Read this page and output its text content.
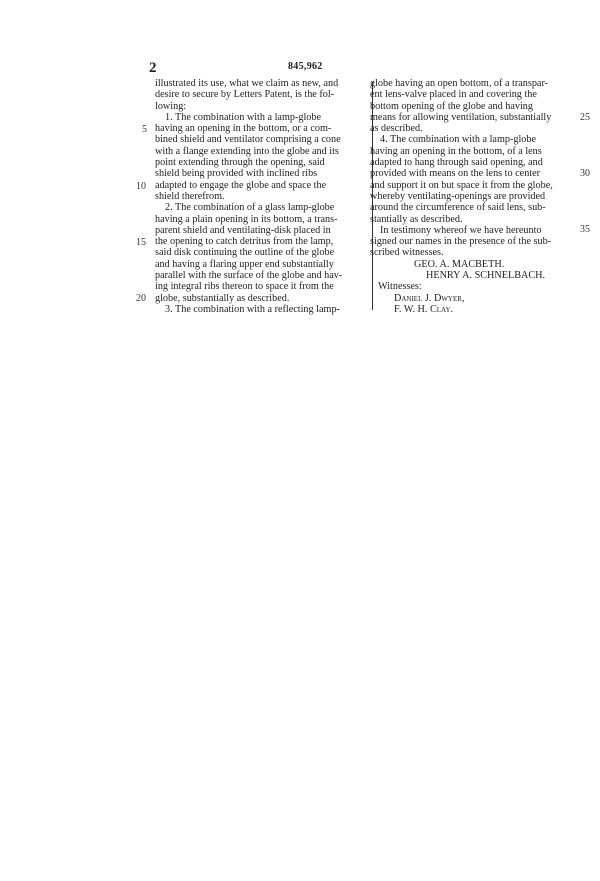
2	845,962
illustrated its use, what we claim as new, and
desire to secure by Letters Patent, is the fol-
lowing:
1. The combination with a lamp-globe
having an opening in the bottom, or a com-
bined shield and ventilator comprising a cone
with a flange extending into the globe and its
point extending through the opening, said
shield being provided with inclined ribs
adapted to engage the globe and space the
shield therefrom.
2. The combination of a glass lamp-globe
having a plain opening in its bottom, a trans-
parent shield and ventilating-disk placed in
the opening to catch detritus from the lamp,
said disk continuing the outline of the globe
and having a flaring upper end substantially
parallel with the surface of the globe and hav-
ing integral ribs thereon to space it from the
globe, substantially as described.
3. The combination with a reflecting lamp-
5
10
15
20
globe having an open bottom, of a transpar-
ent lens-valve placed in and covering the
bottom opening of the globe and having
means for allowing ventilation, substantially
as described.
4. The combination with a lamp-globe
having an opening in the bottom, of a lens
adapted to hang through said opening, and
provided with means on the lens to center
and support it on but space it from the globe,
whereby ventilating-openings are provided
around the circumference of said lens, sub-
stantially as described.
In testimony whereof we have hereunto
signed our names in the presence of the sub-
scribed witnesses.
GEO. A. MACBETH.
HENRY A. SCHNELBACH.
Witnesses:
Daniel J. Dwyer,
F. W. H. Clay.
25
30
35
